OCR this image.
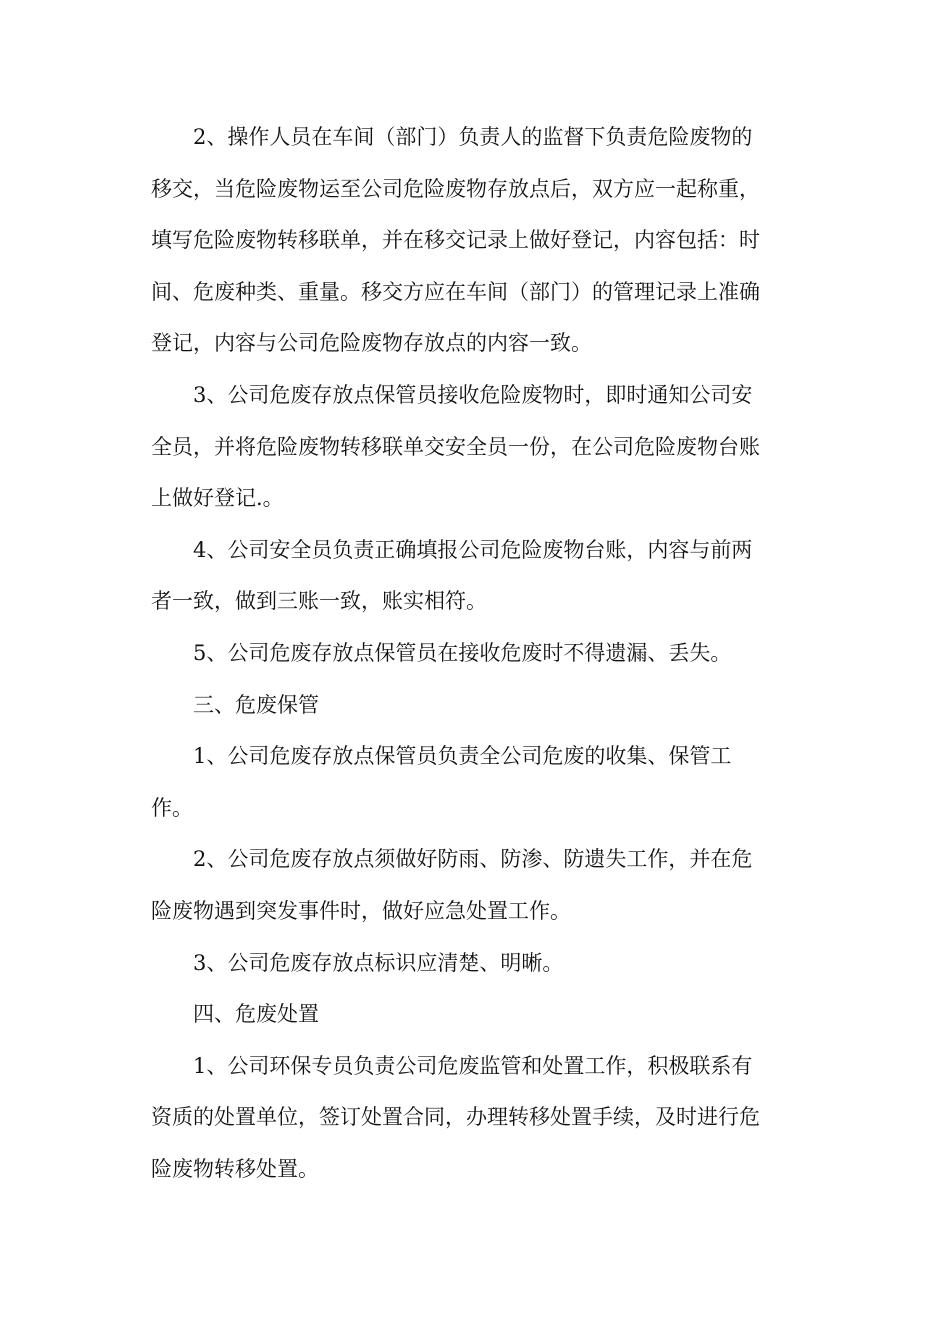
2、操作人员在车间（部门）负责人的监督下负责危险废物的
移交，当危险废物运至公司危险废物存放点后，双方应一起称重，
填写危险废物转移联单，并在移交记录上做好登记，内容包括：时
间、危废种类、重量。移交方应在车间（部门）的管理记录上准确
登记，内容与公司危险废物存放点的内容一致。

3、公司危废存放点保管员接收危险废物时，即时通知公司安
全员，并将危险废物转移联单交安全员一份，在公司危险废物台账
上做好登记.。

4、公司安全员负责正确填报公司危险废物台账，内容与前两
者一致，做到三账一致，账实相符。

5、公司危废存放点保管员在接收危废时不得遗漏、丢失。

三、危废保管

1、公司危废存放点保管员负责全公司危废的收集、保管工
作。

2、公司危废存放点须做好防雨、防渗、防遗失工作，并在危
险废物遇到突发事件时，做好应急处置工作。

3、公司危废存放点标识应清楚、明晰。

四、危废处置

1、公司环保专员负责公司危废监管和处置工作，积极联系有
资质的处置单位，签订处置合同，办理转移处置手续，及时进行危
险废物转移处置。
